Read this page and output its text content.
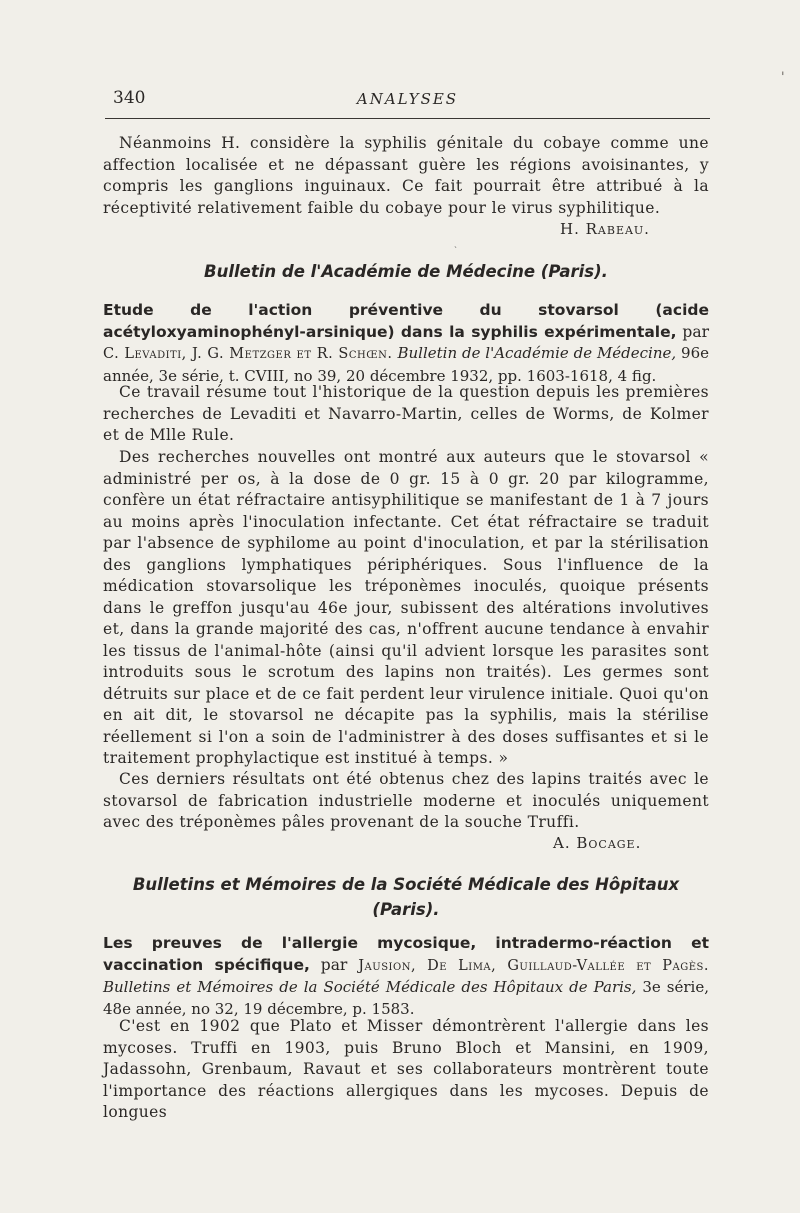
340	ANALYSES
'

Néanmoins H. considère la syphilis génitale du cobaye comme une affection localisée et ne dépassant guère les régions avoisinantes, y compris les ganglions inguinaux. Ce fait pourrait être attribué à la réceptivité relativement faible du cobaye pour le virus syphilitique.

H. Rabeau.
ˎ
Bulletin de l'Académie de Médecine (Paris).
Etude de l'action préventive du stovarsol (acide acétyloxyaminophényl-arsinique) dans la syphilis expérimentale, par C. Levaditi, J. G. Metzger et R. Schœn. Bulletin de l'Académie de Médecine, 96e année, 3e série, t. CVIII, no 39, 20 décembre 1932, pp. 1603-1618, 4 fig.

Ce travail résume tout l'historique de la question depuis les premières recherches de Levaditi et Navarro-Martin, celles de Worms, de Kolmer et de Mlle Rule.

Des recherches nouvelles ont montré aux auteurs que le stovarsol « administré per os, à la dose de 0 gr. 15 à 0 gr. 20 par kilogramme, confère un état réfractaire antisyphilitique se manifestant de 1 à 7 jours au moins après l'inoculation infectante. Cet état réfractaire se traduit par l'absence de syphilome au point d'inoculation, et par la stérilisation des ganglions lymphatiques périphériques. Sous l'influence de la médication stovarsolique les tréponèmes inoculés, quoique présents dans le greffon jusqu'au 46e jour, subissent des altérations involutives et, dans la grande majorité des cas, n'offrent aucune tendance à envahir les tissus de l'animal-hôte (ainsi qu'il advient lorsque les parasites sont introduits sous le scrotum des lapins non traités). Les germes sont détruits sur place et de ce fait perdent leur virulence initiale. Quoi qu'on en ait dit, le stovarsol ne décapite pas la syphilis, mais la stérilise réellement si l'on a soin de l'administrer à des doses suffisantes et si le traitement prophylactique est institué à temps. »

Ces derniers résultats ont été obtenus chez des lapins traités avec le stovarsol de fabrication industrielle moderne et inoculés uniquement avec des tréponèmes pâles provenant de la souche Truffi.

A. Bocage.
Bulletins et Mémoires de la Société Médicale des Hôpitaux
(Paris).
Les preuves de l'allergie mycosique, intradermo-réaction et vaccination spécifique, par Jausion, De Lima, Guillaud-Vallée et Pagès. Bulletins et Mémoires de la Société Médicale des Hôpitaux de Paris, 3e série, 48e année, no 32, 19 décembre, p. 1583.

C'est en 1902 que Plato et Misser démontrèrent l'allergie dans les mycoses. Truffi en 1903, puis Bruno Bloch et Mansini, en 1909, Jadassohn, Grenbaum, Ravaut et ses collaborateurs montrèrent toute l'importance des réactions allergiques dans les mycoses. Depuis de longues
